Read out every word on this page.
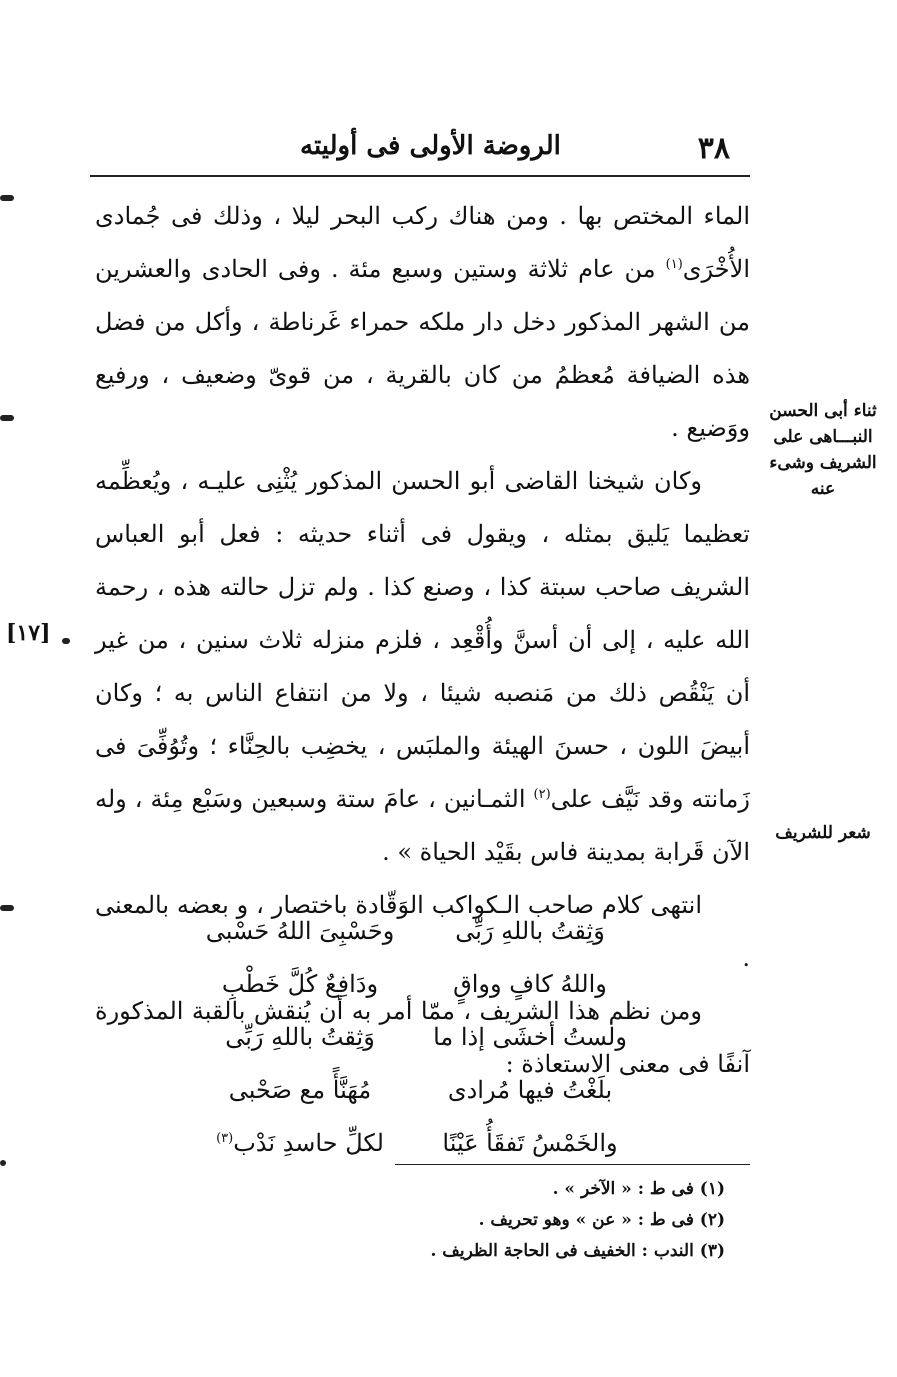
٣٨
الروضة الأولى فى أوليته

الماء المختص بها . ومن هناك ركب البحر ليلا ، وذلك فى جُمادى الأُخْرَى$^{(١)}$ من عام ثلاثة وستين وسبع مئة . وفى الحادى والعشرين من الشهر المذكور دخل دار ملكه حمراء غَرناطة ، وأكل من فضل هذه الضيافة مُعظمُ من كان بالقرية ، من قوىّ وضعيف ، ورفيع ووَضيع .

وكان شيخنا القاضى أبو الحسن المذكور يُثْنِى عليـه ، ويُعظِّمه تعظيما يَليق بمثله ، ويقول فى أثناء حديثه : فعل أبو العباس الشريف صاحب سبتة كذا ، وصنع كذا . ولم تزل حالته هذه ، رحمة الله عليه ، إلى أن أسنَّ وأُقْعِد ، فلزم منزله ثلاث سنين ، من غير أن يَنْقُص ذلك من مَنصبه شيئا ، ولا من انتفاع الناس به ؛ وكان أبيضَ اللون ، حسنَ الهيئة والملبَس ، يخضِب بالحِنَّاء ؛ وتُوُفِّىَ فى زَمانته وقد نَيَّف على$^{(٢)}$ الثمـانين ، عامَ ستة وسبعين وسَبْع مِئة ، وله الآن قَرابة بمدينة فاس بقَيْد الحياة » .

انتهى كلام صاحب الـكواكب الوَقّادة باختصار ، و بعضه بالمعنى .

ومن نظم هذا الشريف ، ممّا أمر به أن يُنقش بالقبة المذكورة آنفًا فى معنى الاستعاذة :

ثناء أبى الحسن النبـــاهى على الشريف وشىء عنه
شعر للشريف
[١٧]
وَثِقتُ باللهِ رَبِّى
وحَسْبِىَ اللهُ حَسْبى
واللهُ كافٍ وواقٍ
ودَافِعٌ كُلَّ خَطْبِ
ولستُ أخشَى إذا ما
وَثِقتُ باللهِ رَبِّى
بلَغْتُ فيها مُرادى
مُهَنَّأً مع صَحْبى
والخَمْسُ تَفقَأُ عَيْنًا
لكلِّ حاسدِ نَدْب$^{(٣)}$
(١) فى ط : « الآخر » .
(٢) فى ط : « عن » وهو تحريف .
(٣) الندب : الخفيف فى الحاجة الظريف .
